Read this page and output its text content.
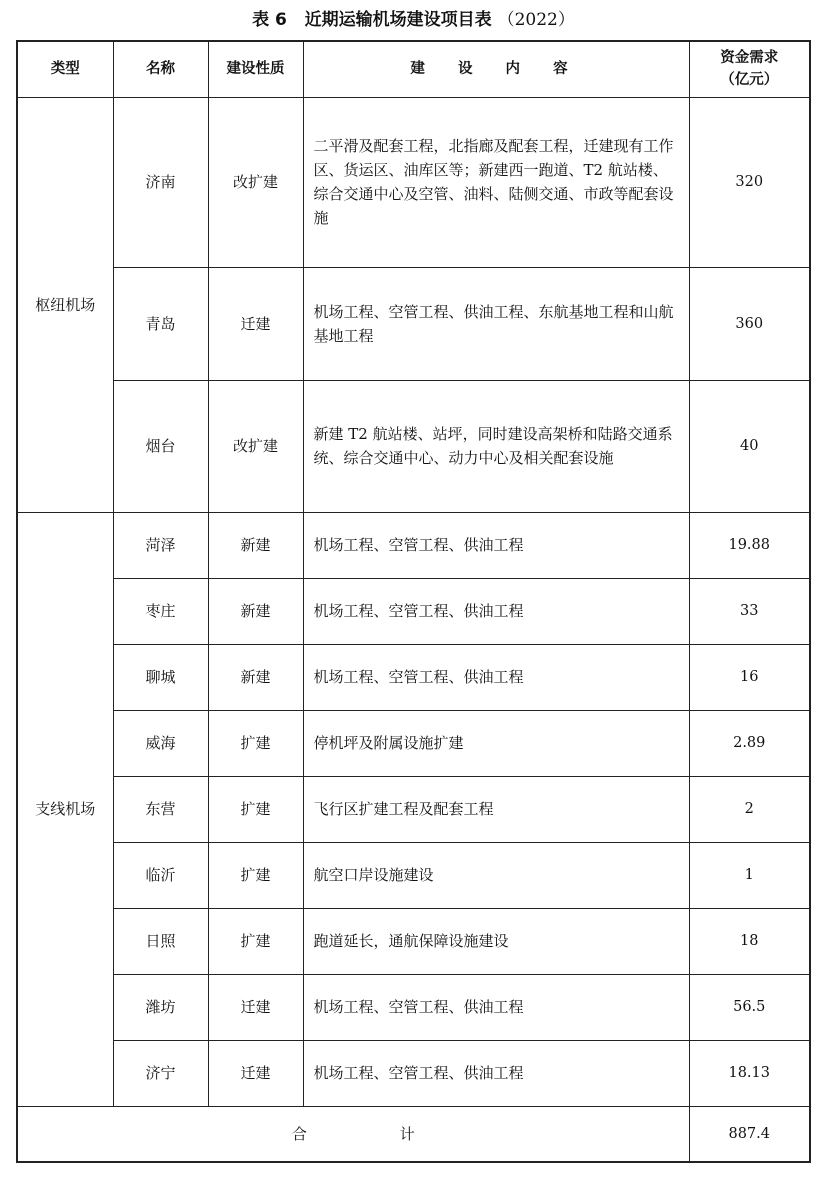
表 6 近期运输机场建设项目表 （2022）
类型	名称	建设性质	建 设 内 容	资金需求
（亿元）

枢纽机场	济南	改扩建	二平滑及配套工程，北指廊及配套工程，迁建现有工作区、货运区、油库区等；新建西一跑道、T2 航站楼、综合交通中心及空管、油料、陆侧交通、市政等配套设施	320
	青岛	迁建	机场工程、空管工程、供油工程、东航基地工程和山航基地工程	360
	烟台	改扩建	新建 T2 航站楼、站坪，同时建设高架桥和陆路交通系统、综合交通中心、动力中心及相关配套设施	40
支线机场	菏泽	新建	机场工程、空管工程、供油工程	19.88
	枣庄	新建	机场工程、空管工程、供油工程	33
	聊城	新建	机场工程、空管工程、供油工程	16
	威海	扩建	停机坪及附属设施扩建	2.89
	东营	扩建	飞行区扩建工程及配套工程	2
	临沂	扩建	航空口岸设施建设	1
	日照	扩建	跑道延长，通航保障设施建设	18
	潍坊	迁建	机场工程、空管工程、供油工程	56.5
	济宁	迁建	机场工程、空管工程、供油工程	18.13
合 计				887.4
